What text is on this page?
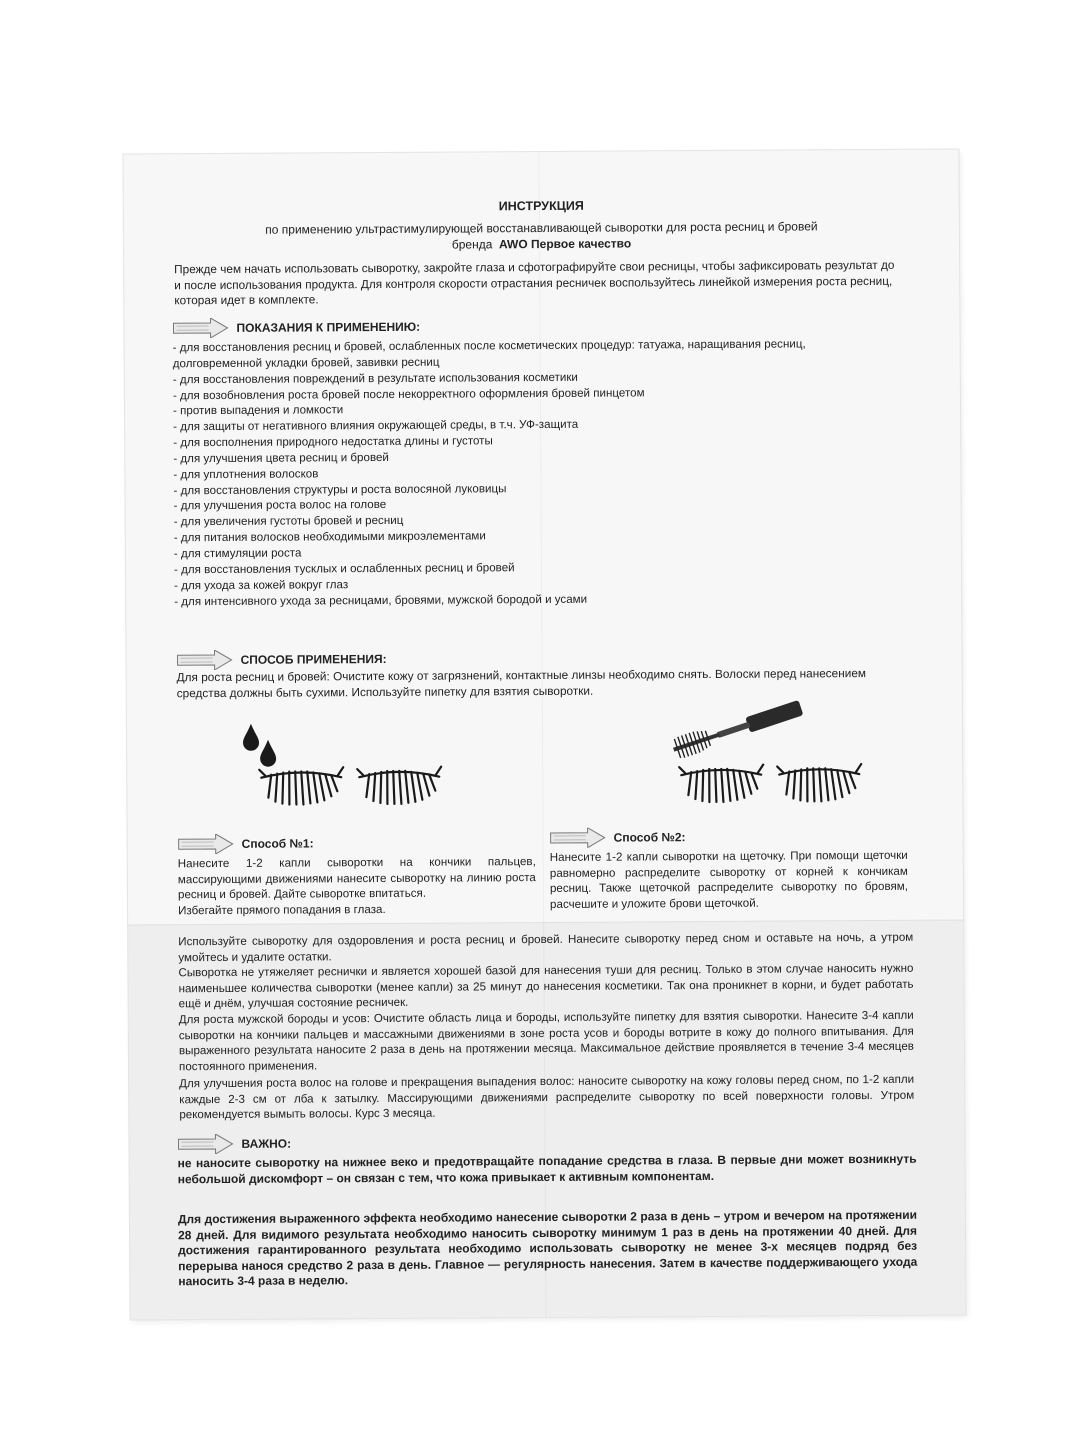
ИНСТРУКЦИЯ
по применению ультрастимулирующей восстанавливающей сыворотки для роста ресниц и бровей
бренда AWO Первое качество
Прежде чем начать использовать сыворотку, закройте глаза и сфотографируйте свои ресницы, чтобы зафиксировать результат до и после использования продукта. Для контроля скорости отрастания ресничек воспользуйтесь линейкой измерения роста ресниц, которая идет в комплекте.
ПОКАЗАНИЯ К ПРИМЕНЕНИЮ:
- для восстановления ресниц и бровей, ослабленных после косметических процедур: татуажа, наращивания ресниц, долговременной укладки бровей, завивки ресниц
- для восстановления повреждений в результате использования косметики
- для возобновления роста бровей после некорректного оформления бровей пинцетом
- против выпадения и ломкости
- для защиты от негативного влияния окружающей среды, в т.ч. УФ-защита
- для восполнения природного недостатка длины и густоты
- для улучшения цвета ресниц и бровей
- для уплотнения волосков
- для восстановления структуры и роста волосяной луковицы
- для улучшения роста волос на голове
- для увеличения густоты бровей и ресниц
- для питания волосков необходимыми микроэлементами
- для стимуляции роста
- для восстановления тусклых и ослабленных ресниц и бровей
- для ухода за кожей вокруг глаз
- для интенсивного ухода за ресницами, бровями, мужской бородой и усами
СПОСОБ ПРИМЕНЕНИЯ:
Для роста ресниц и бровей: Очистите кожу от загрязнений, контактные линзы необходимо снять. Волоски перед нанесением средства должны быть сухими. Используйте пипетку для взятия сыворотки.
Способ №1:
Нанесите 1-2 капли сыворотки на кончики пальцев, массирующими движениями нанесите сыворотку на линию роста ресниц и бровей. Дайте сыворотке впитаться.
Избегайте прямого попадания в глаза.
Способ №2:
Нанесите 1-2 капли сыворотки на щеточку. При помощи щеточки равномерно распределите сыворотку от корней к кончикам ресниц. Также щеточкой распределите сыворотку по бровям, расчешите и уложите брови щеточкой.
Используйте сыворотку для оздоровления и роста ресниц и бровей. Нанесите сыворотку перед сном и оставьте на ночь, а утром умойтесь и удалите остатки.
Сыворотка не утяжеляет реснички и является хорошей базой для нанесения туши для ресниц. Только в этом случае наносить нужно наименьшее количества сыворотки (менее капли) за 25 минут до нанесения косметики. Так она проникнет в корни, и будет работать ещё и днём, улучшая состояние ресничек.
Для роста мужской бороды и усов: Очистите область лица и бороды, используйте пипетку для взятия сыворотки. Нанесите 3-4 капли сыворотки на кончики пальцев и массажными движениями в зоне роста усов и бороды вотрите в кожу до полного впитывания. Для выраженного результата наносите 2 раза в день на протяжении месяца. Максимальное действие проявляется в течение 3-4 месяцев постоянного применения.
Для улучшения роста волос на голове и прекращения выпадения волос: наносите сыворотку на кожу головы перед сном, по 1-2 капли каждые 2-3 см от лба к затылку. Массирующими движениями распределите сыворотку по всей поверхности головы. Утром рекомендуется вымыть волосы. Курс 3 месяца.
ВАЖНО:
не наносите сыворотку на нижнее веко и предотвращайте попадание средства в глаза. В первые дни может возникнуть небольшой дискомфорт – он связан с тем, что кожа привыкает к активным компонентам.
Для достижения выраженного эффекта необходимо нанесение сыворотки 2 раза в день – утром и вечером на протяжении 28 дней. Для видимого результата необходимо наносить сыворотку минимум 1 раз в день на протяжении 40 дней. Для достижения гарантированного результата необходимо использовать сыворотку не менее 3-х месяцев подряд без перерыва нанося средство 2 раза в день. Главное — регулярность нанесения. Затем в качестве поддерживающего ухода наносить 3-4 раза в неделю.
